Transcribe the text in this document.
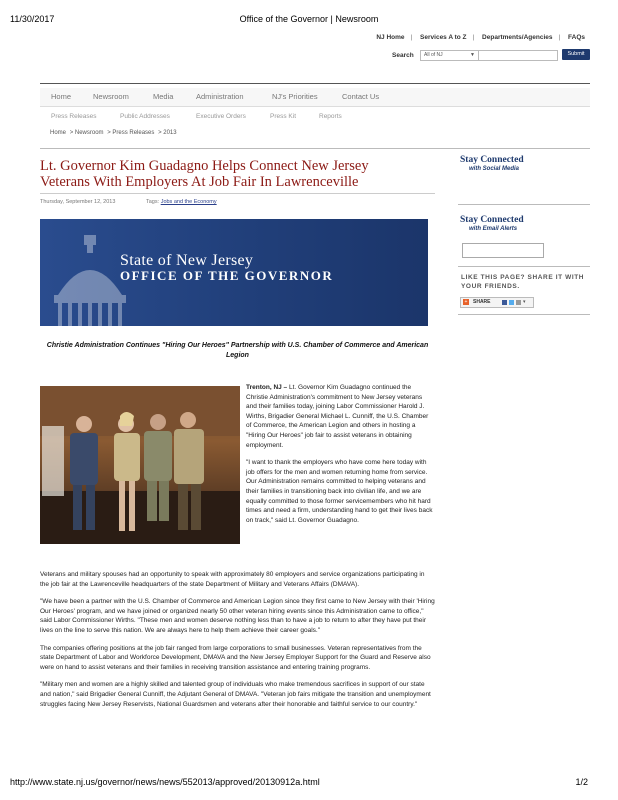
11/30/2017	Office of the Governor | Newsroom
NJ Home | Services A to Z | Departments/Agencies | FAQs
Search	All of NJ	▼	Submit
Home	Newsroom	Media	Administration	NJ's Priorities	Contact Us
Press Releases	Public Addresses	Executive Orders	Press Kit	Reports
Home > Newsroom > Press Releases > 2013
Lt. Governor Kim Guadagno Helps Connect New Jersey Veterans With Employers At Job Fair In Lawrenceville
Thursday, September 12, 2013	Tags: Jobs and the Economy
State of New Jersey
OFFICE OF THE GOVERNOR
Christie Administration Continues "Hiring Our Heroes" Partnership with U.S. Chamber of Commerce and American Legion

Trenton, NJ – Lt. Governor Kim Guadagno continued the Christie Administration's commitment to New Jersey veterans and their families today, joining Labor Commissioner Harold J. Wirths, Brigadier General Michael L. Cunniff, the U.S. Chamber of Commerce, the American Legion and others in hosting a "Hiring Our Heroes" job fair to assist veterans in obtaining employment.

"I want to thank the employers who have come here today with job offers for the men and women returning home from service. Our Administration remains committed to helping veterans and their families in transitioning back into civilian life, and we are equally committed to those former servicemembers who hit hard times and need a firm, understanding hand to get their lives back on track," said Lt. Governor Guadagno.

Veterans and military spouses had an opportunity to speak with approximately 80 employers and service organizations participating in the job fair at the Lawrenceville headquarters of the state Department of Military and Veterans Affairs (DMAVA).

"We have been a partner with the U.S. Chamber of Commerce and American Legion since they first came to New Jersey with their 'Hiring Our Heroes' program, and we have joined or organized nearly 50 other veteran hiring events since this Administration came to office," said Labor Commissioner Wirths. "These men and women deserve nothing less than to have a job to return to after they have put their lives on the line to serve this nation. We are always here to help them achieve their career goals."

The companies offering positions at the job fair ranged from large corporations to small businesses. Veteran representatives from the state Department of Labor and Workforce Development, DMAVA and the New Jersey Employer Support for the Guard and Reserve also were on hand to assist veterans and their families in receiving transition assistance and entering training programs.

"Military men and women are a highly skilled and talented group of individuals who make tremendous sacrifices in support of our state and nation," said Brigadier General Cunniff, the Adjutant General of DMAVA. "Veteran job fairs mitigate the transition and unemployment struggles facing New Jersey Reservists, National Guardsmen and veterans after their honorable and faithful service to our country."

Stay Connected
with Social Media
Stay Connected
with Email Alerts
LIKE THIS PAGE? SHARE IT WITH YOUR FRIENDS.
+	SHARE	▾
http://www.state.nj.us/governor/news/news/552013/approved/20130912a.html	1/2
